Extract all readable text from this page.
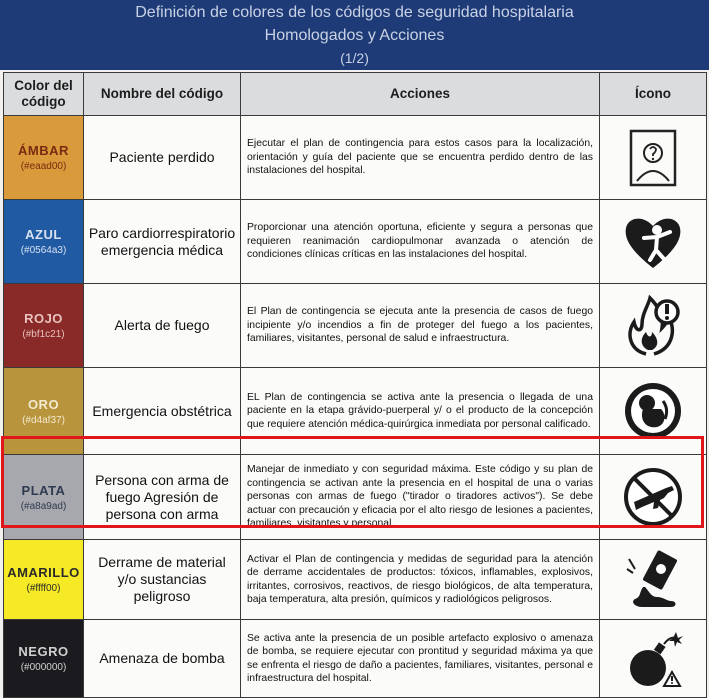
Definición de colores de los códigos de seguridad hospitalaria
Homologados y Acciones
(1/2)
Color del código	Nombre del código	Acciones	Ícono

ÁMBAR
(#eaad00)	Paciente perdido	Ejecutar el plan de contingencia para estos casos para la localización, orientación y guía del paciente que se encuentra perdido dentro de las instalaciones del hospital.	

AZUL
(#0564a3)	Paro cardiorrespiratorio emergencia médica	Proporcionar una atención oportuna, eficiente y segura a personas que requieren reanimación cardiopulmonar avanzada o atención de condiciones clínicas críticas en las instalaciones del hospital.	

ROJO
(#bf1c21)	Alerta de fuego	El Plan de contingencia se ejecuta ante la presencia de casos de fuego incipiente y/o incendios a fin de proteger del fuego a los pacientes, familiares, visitantes, personal de salud e infraestructura.	

ORO
(#d4af37)	Emergencia obstétrica	EL Plan de contingencia se activa ante la presencia o llegada de una paciente en la etapa grávido-puerperal y/ o el producto de la concepción que requiere atención médica-quirúrgica inmediata por personal calificado.	

PLATA
(#a8a9ad)	Persona con arma de fuego Agresión de persona con arma	Manejar de inmediato y con seguridad máxima. Este código y su plan de contingencia se activan ante la presencia en el hospital de una o varias personas con armas de fuego ("tirador o tiradores activos"). Se debe actuar con precaución y eficacia por el alto riesgo de lesiones a pacientes, familiares, visitantes y personal.	

AMARILLO
(#ffff00)	Derrame de material y/o sustancias peligroso	Activar el Plan de contingencia y medidas de seguridad para la atención de derrame accidentales de productos: tóxicos, inflamables, explosivos, irritantes, corrosivos, reactivos, de riesgo biológicos, de alta temperatura, baja temperatura, alta presión, químicos y radiológicos peligrosos.	

NEGRO
(#000000)	Amenaza de bomba	Se activa ante la presencia de un posible artefacto explosivo o amenaza de bomba, se requiere ejecutar con prontitud y seguridad máxima ya que se enfrenta el riesgo de daño a pacientes, familiares, visitantes, personal e infraestructura del hospital.	
